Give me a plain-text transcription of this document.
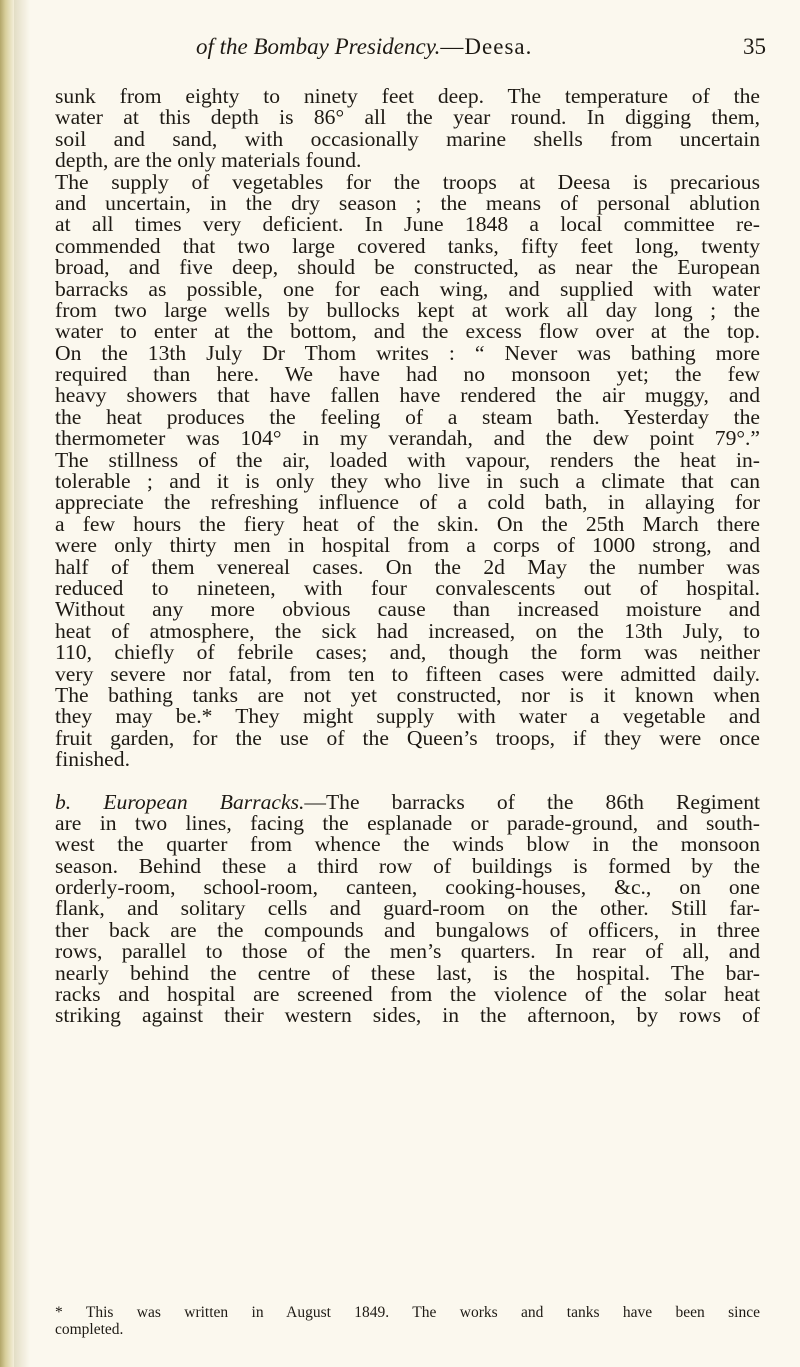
of the Bombay Presidency.—Deesa.	35
sunk from eighty to ninety feet deep. The temperature of the
water at this depth is 86° all the year round. In digging them,
soil and sand, with occasionally marine shells from uncertain
depth, are the only materials found.
The supply of vegetables for the troops at Deesa is precarious
and uncertain, in the dry season ; the means of personal ablution
at all times very deficient. In June 1848 a local committee re-
commended that two large covered tanks, fifty feet long, twenty
broad, and five deep, should be constructed, as near the European
barracks as possible, one for each wing, and supplied with water
from two large wells by bullocks kept at work all day long ; the
water to enter at the bottom, and the excess flow over at the top.
On the 13th July Dr Thom writes : “ Never was bathing more
required than here. We have had no monsoon yet; the few
heavy showers that have fallen have rendered the air muggy, and
the heat produces the feeling of a steam bath. Yesterday the
thermometer was 104° in my verandah, and the dew point 79°.”
The stillness of the air, loaded with vapour, renders the heat in-
tolerable ; and it is only they who live in such a climate that can
appreciate the refreshing influence of a cold bath, in allaying for
a few hours the fiery heat of the skin. On the 25th March there
were only thirty men in hospital from a corps of 1000 strong, and
half of them venereal cases. On the 2d May the number was
reduced to nineteen, with four convalescents out of hospital.
Without any more obvious cause than increased moisture and
heat of atmosphere, the sick had increased, on the 13th July, to
110, chiefly of febrile cases; and, though the form was neither
very severe nor fatal, from ten to fifteen cases were admitted daily.
The bathing tanks are not yet constructed, nor is it known when
they may be.* They might supply with water a vegetable and
fruit garden, for the use of the Queen’s troops, if they were once
finished.
b. European Barracks.—The barracks of the 86th Regiment
are in two lines, facing the esplanade or parade-ground, and south-
west the quarter from whence the winds blow in the monsoon
season. Behind these a third row of buildings is formed by the
orderly-room, school-room, canteen, cooking-houses, &c., on one
flank, and solitary cells and guard-room on the other. Still far-
ther back are the compounds and bungalows of officers, in three
rows, parallel to those of the men’s quarters. In rear of all, and
nearly behind the centre of these last, is the hospital. The bar-
racks and hospital are screened from the violence of the solar heat
striking against their western sides, in the afternoon, by rows of
* This was written in August 1849. The works and tanks have been since
completed.
